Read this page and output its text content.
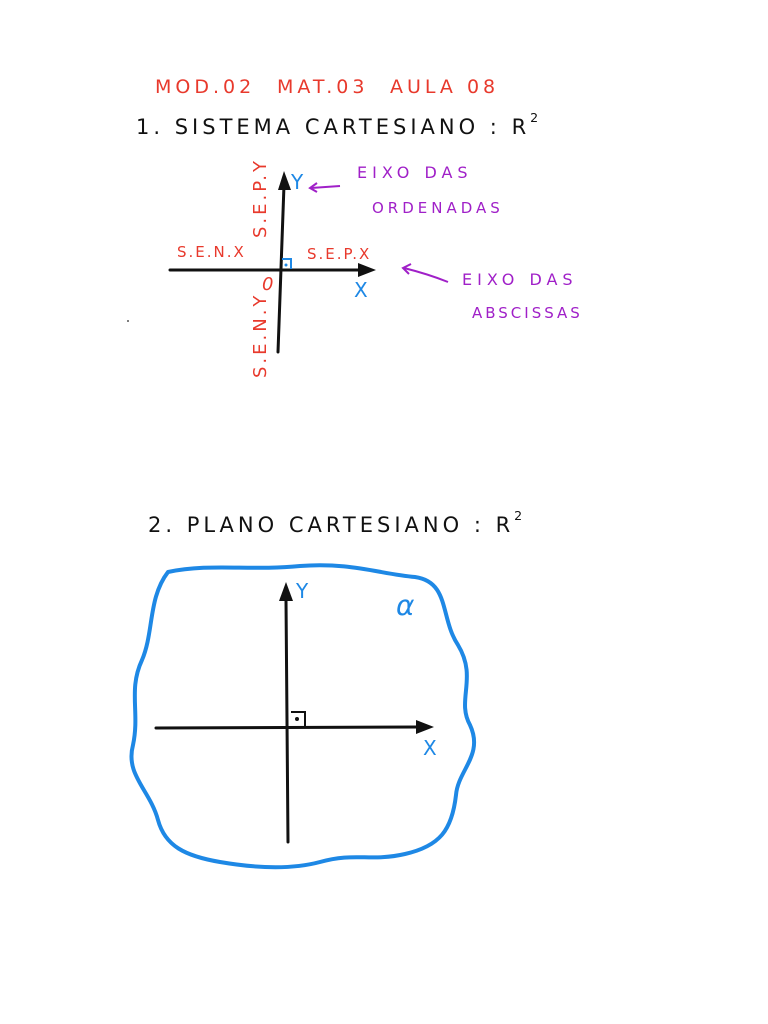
MOD.02 MAT.03 AULA 08
1. SISTEMA CARTESIANO : $R^2$
Y
X
0
S.E.N.X	S.E.P.X
S.E.P.Y
S.E.N.Y
EIXO DAS
ORDENADAS
EIXO DAS
ABSCISSAS
2. PLANO CARTESIANO : $R^2$
Y
X
α
